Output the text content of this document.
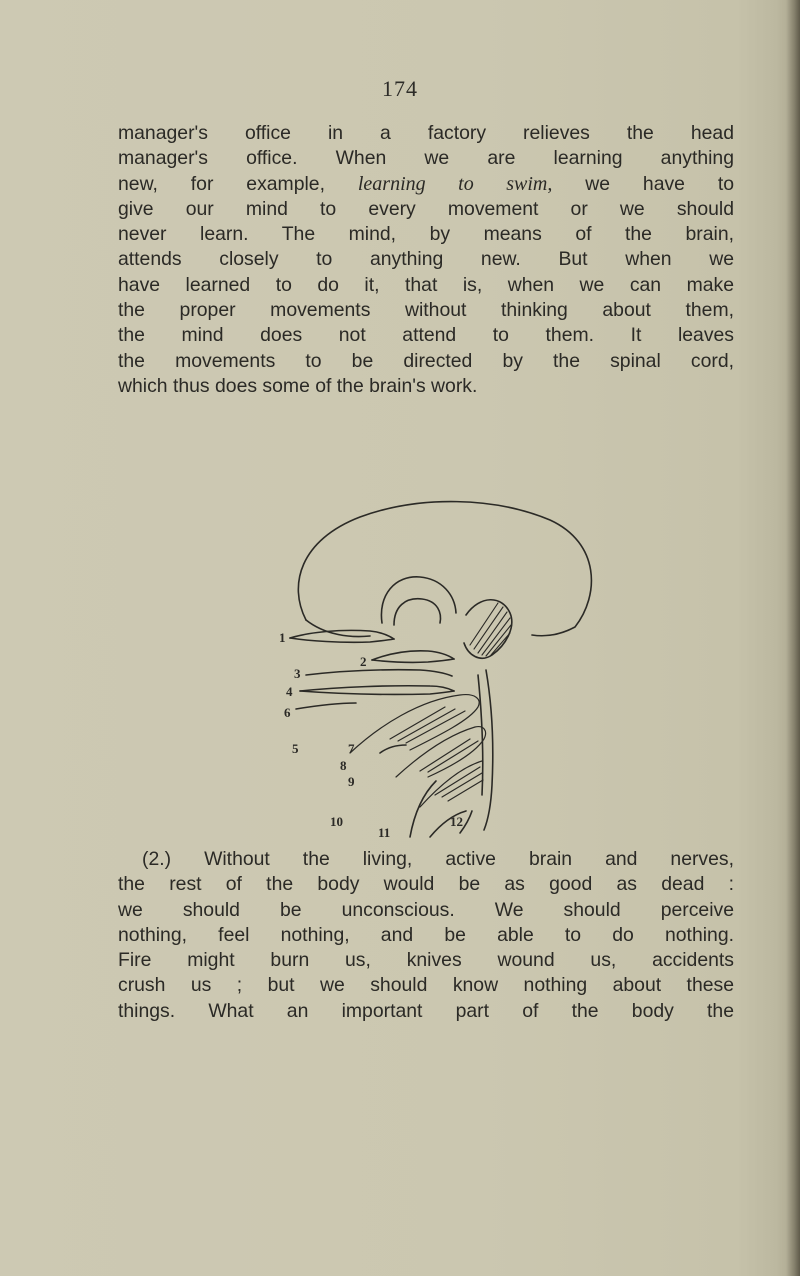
174

manager's office in a factory relieves the head
manager's office. When we are learning anything
new, for example, learning to swim, we have to
give our mind to every movement or we should
never learn. The mind, by means of the brain,
attends closely to anything new. But when we
have learned to do it, that is, when we can make
the proper movements without thinking about them,
the mind does not attend to them. It leaves
the movements to be directed by the spinal cord,
which thus does some of the brain's work.

1
2
3
4
6
5	7
8
9
10
11
12

(2.) Without the living, active brain and nerves,
the rest of the body would be as good as dead :
we should be unconscious. We should perceive
nothing, feel nothing, and be able to do nothing.
Fire might burn us, knives wound us, accidents
crush us ; but we should know nothing about these
things. What an important part of the body the
